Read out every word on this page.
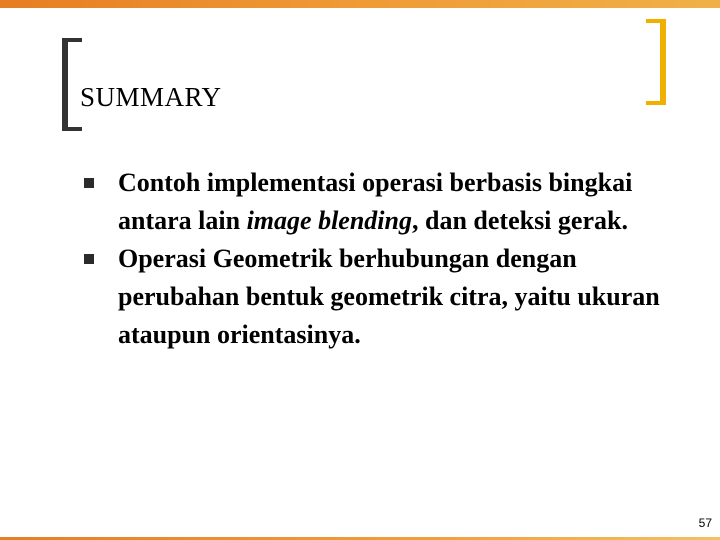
SUMMARY
Contoh implementasi operasi berbasis bingkai antara lain image blending, dan deteksi gerak.
Operasi Geometrik berhubungan dengan perubahan bentuk geometrik citra, yaitu ukuran ataupun orientasinya.
57
